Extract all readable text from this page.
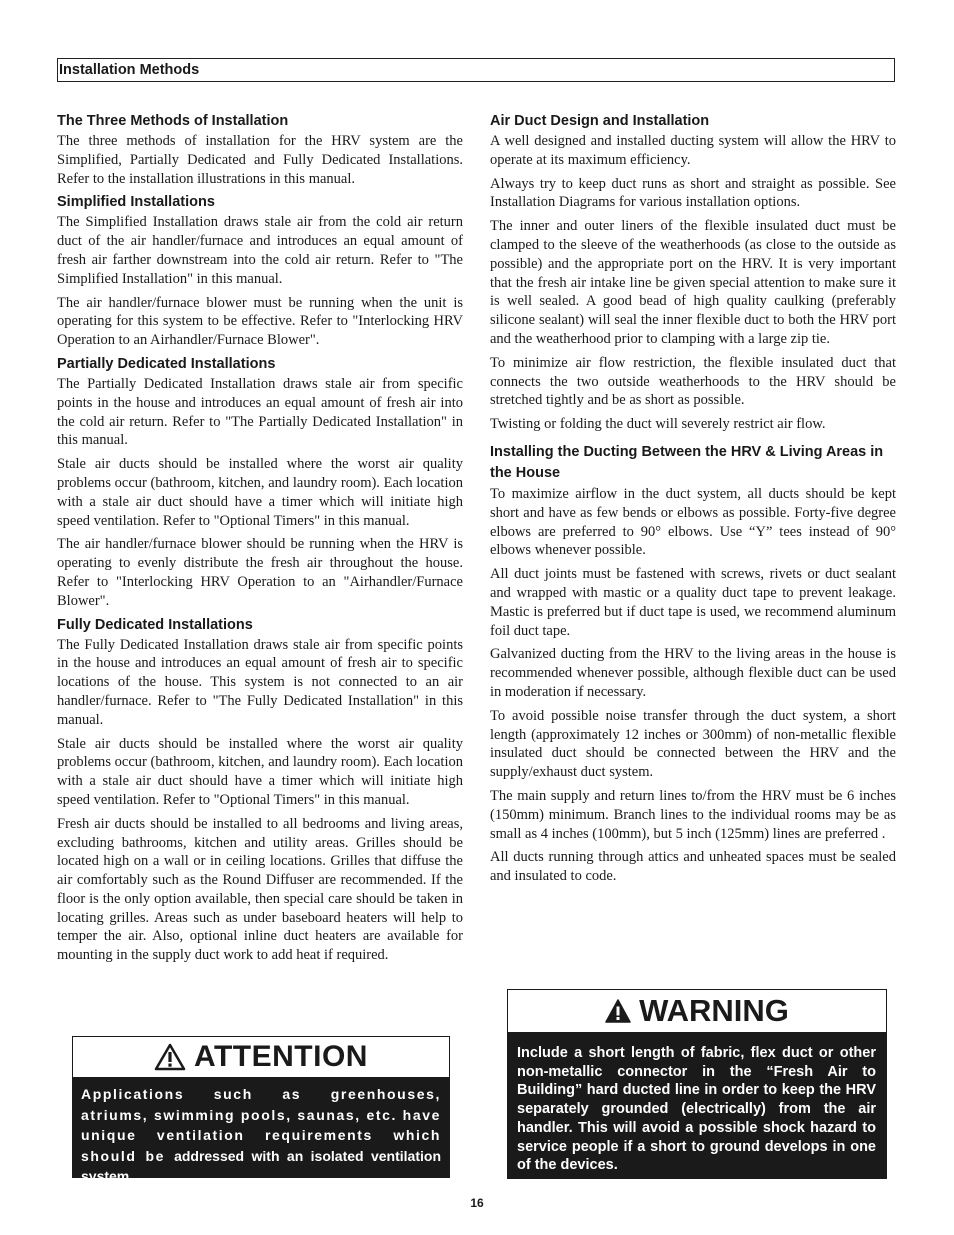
Installation Methods
The Three Methods of Installation

The three methods of installation for the HRV system are the Simplified, Partially Dedicated and Fully Dedicated Installations. Refer to the installation illustrations in this manual.

Simplified Installations

The Simplified Installation draws stale air from the cold air return duct of the air handler/furnace and introduces an equal amount of fresh air farther downstream into the cold air return. Refer to "The Simplified Installation" in this manual.

The air handler/furnace blower must be running when the unit is operating for this system to be effective. Refer to "Interlocking HRV Operation to an Airhandler/Furnace Blower".

Partially Dedicated Installations

The Partially Dedicated Installation draws stale air from specific points in the house and introduces an equal amount of fresh air into the cold air return. Refer to "The Partially Dedicated Installation" in this manual.

Stale air ducts should be installed where the worst air quality problems occur (bathroom, kitchen, and laundry room). Each location with a stale air duct should have a timer which will initiate high speed ventilation. Refer to "Optional Timers" in this manual.

The air handler/furnace blower should be running when the HRV is operating to evenly distribute the fresh air throughout the house. Refer to "Interlocking HRV Operation to an "Airhandler/Furnace Blower".

Fully Dedicated Installations

The Fully Dedicated Installation draws stale air from specific points in the house and introduces an equal amount of fresh air to specific locations of the house. This system is not connected to an air handler/furnace. Refer to "The Fully Dedicated Installation" in this manual.

Stale air ducts should be installed where the worst air quality problems occur (bathroom, kitchen, and laundry room). Each location with a stale air duct should have a timer which will initiate high speed ventilation. Refer to "Optional Timers" in this manual.

Fresh air ducts should be installed to all bedrooms and living areas, excluding bathrooms, kitchen and utility areas. Grilles should be located high on a wall or in ceiling locations. Grilles that diffuse the air comfortably such as the Round Diffuser are recommended. If the floor is the only option available, then special care should be taken in locating grilles. Areas such as under baseboard heaters will help to temper the air. Also, optional inline duct heaters are available for mounting in the supply duct work to add heat if required.

Air Duct Design and Installation

A well designed and installed ducting system will allow the HRV to operate at its maximum efficiency.

Always try to keep duct runs as short and straight as possible. See Installation Diagrams for various installation options.

The inner and outer liners of the flexible insulated duct must be clamped to the sleeve of the weatherhoods (as close to the outside as possible) and the appropriate port on the HRV. It is very important that the fresh air intake line be given special attention to make sure it is well sealed. A good bead of high quality caulking (preferably silicone sealant) will seal the inner flexible duct to both the HRV port and the weatherhood prior to clamping with a large zip tie.

To minimize air flow restriction, the flexible insulated duct that connects the two outside weatherhoods to the HRV should be stretched tightly and be as short as possible.

Twisting or folding the duct will severely restrict air flow.

Installing the Ducting Between the HRV & Living Areas in the House

To maximize airflow in the duct system, all ducts should be kept short and have as few bends or elbows as possible. Forty-five degree elbows are preferred to 90° elbows. Use “Y” tees instead of 90° elbows whenever possible.

All duct joints must be fastened with screws, rivets or duct sealant and wrapped with mastic or a quality duct tape to prevent leakage. Mastic is preferred but if duct tape is used, we recommend aluminum foil duct tape.

Galvanized ducting from the HRV to the living areas in the house is recommended whenever possible, although flexible duct can be used in moderation if necessary.

To avoid possible noise transfer through the duct system, a short length (approximately 12 inches or 300mm) of non-metallic flexible insulated duct should be connected between the HRV and the supply/exhaust duct system.

The main supply and return lines to/from the HRV must be 6 inches (150mm) minimum. Branch lines to the individual rooms may be as small as 4 inches (100mm), but 5 inch (125mm) lines are preferred .

All ducts running through attics and unheated spaces must be sealed and insulated to code.

ATTENTION
Applications such as greenhouses, atriums, swimming pools, saunas, etc. have unique ventilation requirements which should be addressed with an isolated ventilation system.
WARNING
Include a short length of fabric, flex duct or other non-metallic connector in the “Fresh Air to Building” hard ducted line in order to keep the HRV separately grounded (electrically) from the air handler. This will avoid a possible shock hazard to service people if a short to ground develops in one of the devices.
16
